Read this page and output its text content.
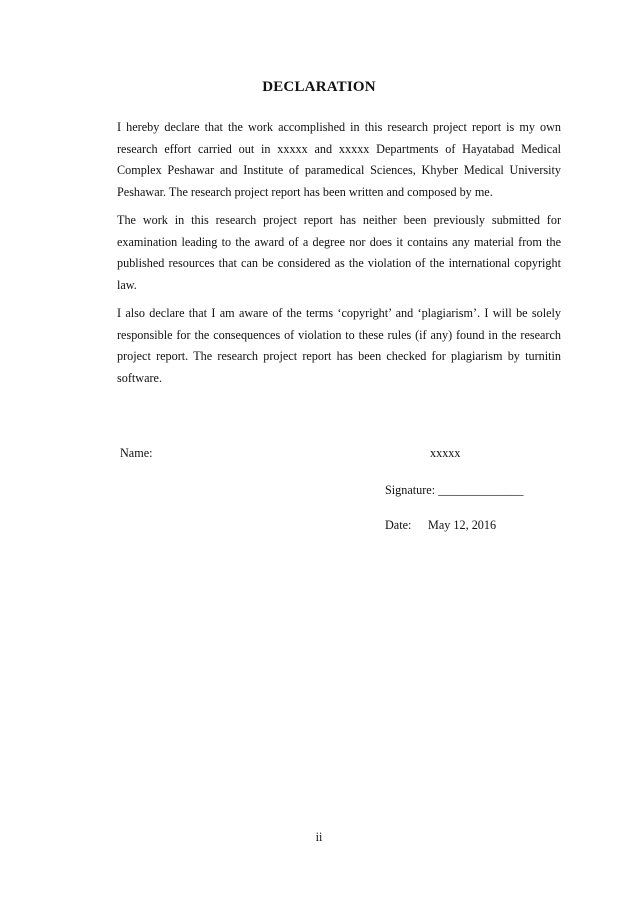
DECLARATION

I hereby declare that the work accomplished in this research project report is my own research effort carried out in xxxxx and xxxxx Departments of Hayatabad Medical Complex Peshawar and Institute of paramedical Sciences, Khyber Medical University Peshawar. The research project report has been written and composed by me.

The work in this research project report has neither been previously submitted for examination leading to the award of a degree nor does it contains any material from the published resources that can be considered as the violation of the international copyright law.

I also declare that I am aware of the terms ‘copyright’ and ‘plagiarism’. I will be solely responsible for the consequences of violation to these rules (if any) found in the research project report. The research project report has been checked for plagiarism by turnitin software.

Name:	xxxxx
Signature: ______________
Date: May 12, 2016
ii
